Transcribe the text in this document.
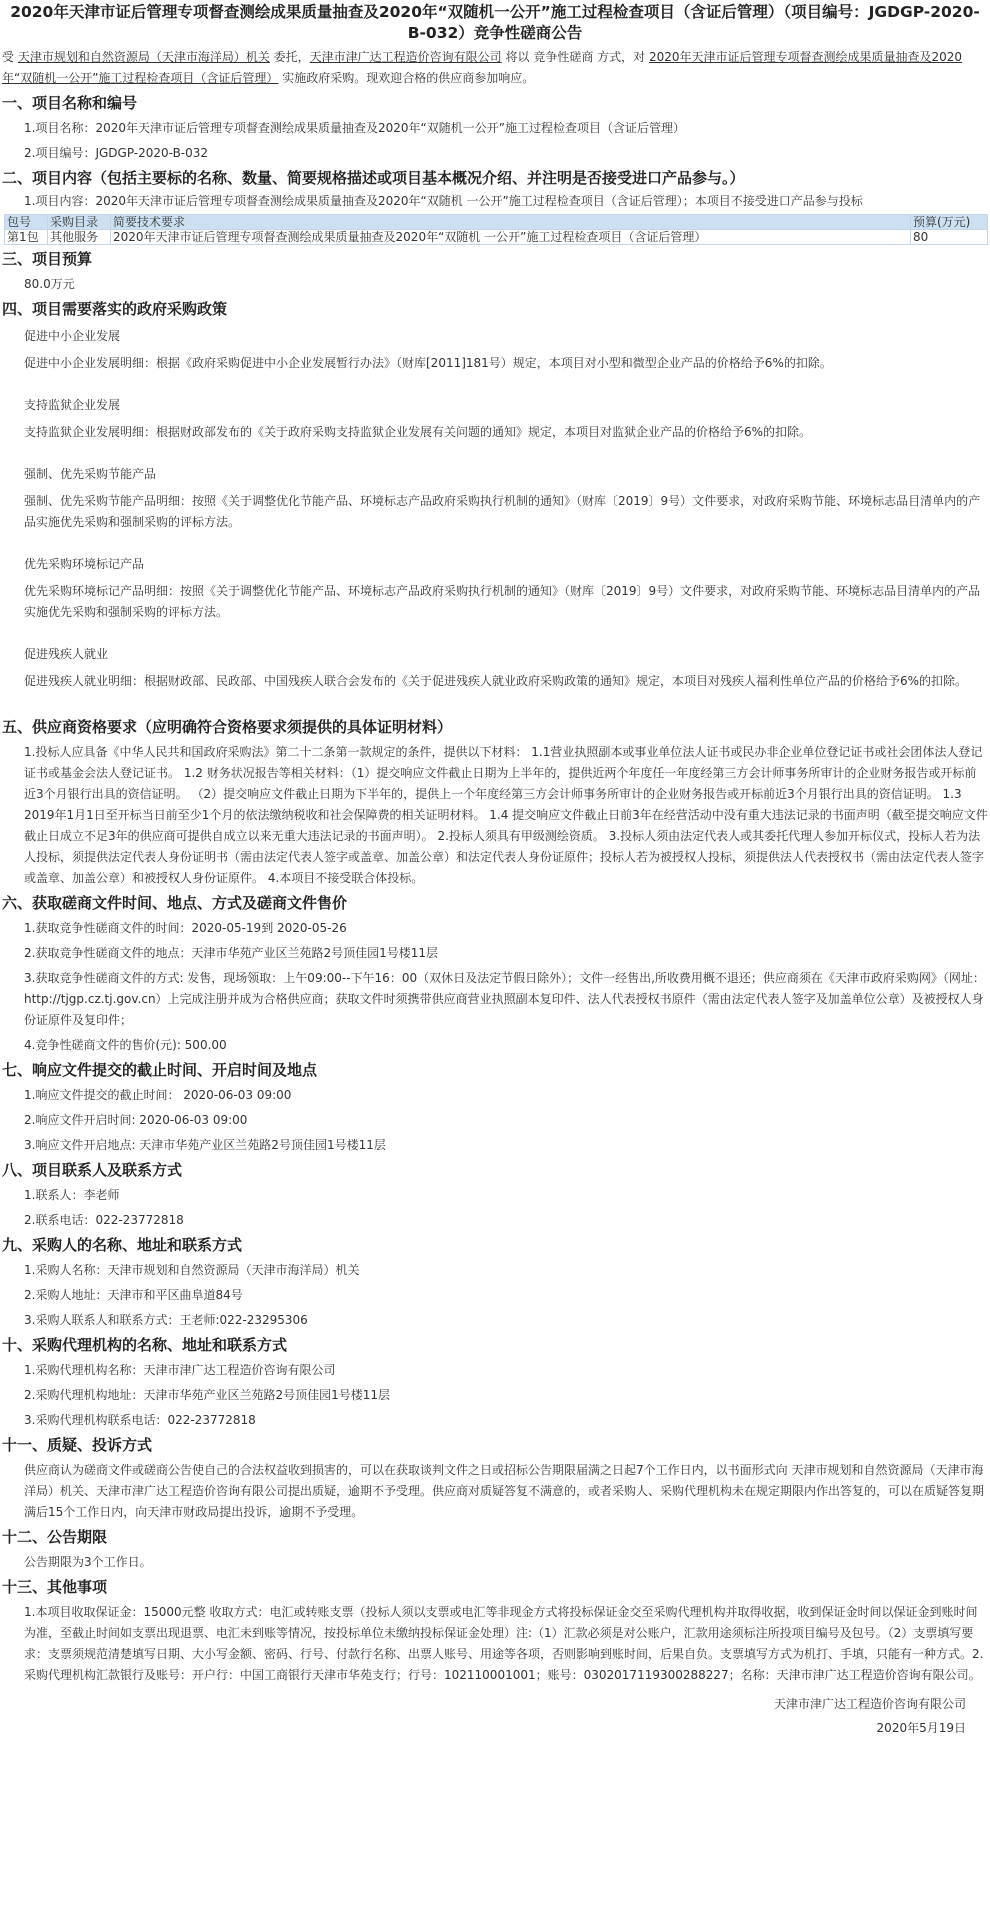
2020年天津市证后管理专项督查测绘成果质量抽查及2020年“双随机一公开”施工过程检查项目（含证后管理）（项目编号：JGDGP-2020-B-032）竞争性磋商公告
受 天津市规划和自然资源局（天津市海洋局）机关 委托，天津市津广达工程造价咨询有限公司 将以 竞争性磋商 方式，对 2020年天津市证后管理专项督查测绘成果质量抽查及2020年“双随机一公开”施工过程检查项目（含证后管理） 实施政府采购。现欢迎合格的供应商参加响应。
一、项目名称和编号
1.项目名称：2020年天津市证后管理专项督查测绘成果质量抽查及2020年“双随机一公开”施工过程检查项目（含证后管理）
2.项目编号：JGDGP-2020-B-032
二、项目内容（包括主要标的名称、数量、简要规格描述或项目基本概况介绍、并注明是否接受进口产品参与。）
1.项目内容：2020年天津市证后管理专项督查测绘成果质量抽查及2020年“双随机 一公开”施工过程检查项目（含证后管理）；本项目不接受进口产品参与投标
包号	采购目录	简要技术要求	预算(万元)
第1包	其他服务	2020年天津市证后管理专项督查测绘成果质量抽查及2020年“双随机 一公开”施工过程检查项目（含证后管理）	80
三、项目预算
80.0万元
四、项目需要落实的政府采购政策
促进中小企业发展
促进中小企业发展明细：根据《政府采购促进中小企业发展暂行办法》（财库[2011]181号）规定，本项目对小型和微型企业产品的价格给予6%的扣除。
支持监狱企业发展
支持监狱企业发展明细：根据财政部发布的《关于政府采购支持监狱企业发展有关问题的通知》规定，本项目对监狱企业产品的价格给予6%的扣除。
强制、优先采购节能产品
强制、优先采购节能产品明细：按照《关于调整优化节能产品、环境标志产品政府采购执行机制的通知》（财库〔2019〕9号）文件要求，对政府采购节能、环境标志品目清单内的产品实施优先采购和强制采购的评标方法。
优先采购环境标记产品
优先采购环境标记产品明细：按照《关于调整优化节能产品、环境标志产品政府采购执行机制的通知》（财库〔2019〕9号）文件要求，对政府采购节能、环境标志品目清单内的产品实施优先采购和强制采购的评标方法。
促进残疾人就业
促进残疾人就业明细：根据财政部、民政部、中国残疾人联合会发布的《关于促进残疾人就业政府采购政策的通知》规定，本项目对残疾人福利性单位产品的价格给予6%的扣除。
五、供应商资格要求（应明确符合资格要求须提供的具体证明材料）
1.投标人应具备《中华人民共和国政府采购法》第二十二条第一款规定的条件，提供以下材料： 1.1营业执照副本或事业单位法人证书或民办非企业单位登记证书或社会团体法人登记证书或基金会法人登记证书。 1.2 财务状况报告等相关材料：（1）提交响应文件截止日期为上半年的，提供近两个年度任一年度经第三方会计师事务所审计的企业财务报告或开标前近3个月银行出具的资信证明。 （2）提交响应文件截止日期为下半年的，提供上一个年度经第三方会计师事务所审计的企业财务报告或开标前近3个月银行出具的资信证明。 1.3 2019年1月1日至开标当日前至少1个月的依法缴纳税收和社会保障费的相关证明材料。 1.4 提交响应文件截止日前3年在经营活动中没有重大违法记录的书面声明（截至提交响应文件截止日成立不足3年的供应商可提供自成立以来无重大违法记录的书面声明）。 2.投标人须具有甲级测绘资质。 3.投标人须由法定代表人或其委托代理人参加开标仪式，投标人若为法人投标，须提供法定代表人身份证明书（需由法定代表人签字或盖章、加盖公章）和法定代表人身份证原件；投标人若为被授权人投标，须提供法人代表授权书（需由法定代表人签字或盖章、加盖公章）和被授权人身份证原件。 4.本项目不接受联合体投标。
六、获取磋商文件时间、地点、方式及磋商文件售价
1.获取竞争性磋商文件的时间：2020-05-19到 2020-05-26
2.获取竞争性磋商文件的地点：天津市华苑产业区兰苑路2号顶佳园1号楼11层
3.获取竞争性磋商文件的方式: 发售，现场领取：上午09:00--下午16：00（双休日及法定节假日除外）；文件一经售出,所收费用概不退还；供应商须在《天津市政府采购网》（网址：http://tjgp.cz.tj.gov.cn）上完成注册并成为合格供应商；获取文件时须携带供应商营业执照副本复印件、法人代表授权书原件（需由法定代表人签字及加盖单位公章）及被授权人身份证原件及复印件；
4.竞争性磋商文件的售价(元): 500.00
七、响应文件提交的截止时间、开启时间及地点
1.响应文件提交的截止时间： 2020-06-03 09:00
2.响应文件开启时间: 2020-06-03 09:00
3.响应文件开启地点: 天津市华苑产业区兰苑路2号顶佳园1号楼11层
八、项目联系人及联系方式
1.联系人：李老师
2.联系电话：022-23772818
九、采购人的名称、地址和联系方式
1.采购人名称：天津市规划和自然资源局（天津市海洋局）机关
2.采购人地址：天津市和平区曲阜道84号
3.采购人联系人和联系方式：王老师:022-23295306
十、采购代理机构的名称、地址和联系方式
1.采购代理机构名称：天津市津广达工程造价咨询有限公司
2.采购代理机构地址：天津市华苑产业区兰苑路2号顶佳园1号楼11层
3.采购代理机构联系电话：022-23772818
十一、质疑、投诉方式
供应商认为磋商文件或磋商公告使自己的合法权益收到损害的，可以在获取谈判文件之日或招标公告期限届满之日起7个工作日内，以书面形式向 天津市规划和自然资源局（天津市海洋局）机关、天津市津广达工程造价咨询有限公司提出质疑，逾期不予受理。供应商对质疑答复不满意的，或者采购人、采购代理机构未在规定期限内作出答复的，可以在质疑答复期满后15个工作日内，向天津市财政局提出投诉，逾期不予受理。
十二、公告期限
公告期限为3个工作日。
十三、其他事项
1.本项目收取保证金：15000元整 收取方式：电汇或转账支票（投标人须以支票或电汇等非现金方式将投标保证金交至采购代理机构并取得收据，收到保证金时间以保证金到账时间为准，至截止时间如支票出现退票、电汇未到账等情况，按投标单位未缴纳投标保证金处理）注:（1）汇款必须是对公账户，汇款用途须标注所投项目编号及包号。（2）支票填写要求：支票须规范清楚填写日期、大小写金额、密码、行号、付款行名称、出票人账号、用途等各项，否则影响到账时间，后果自负。支票填写方式为机打、手填，只能有一种方式。2.采购代理机构汇款银行及账号：开户行：中国工商银行天津市华苑支行；行号：102110001001；账号：0302017119300288227；名称：天津市津广达工程造价咨询有限公司。
天津市津广达工程造价咨询有限公司
2020年5月19日
